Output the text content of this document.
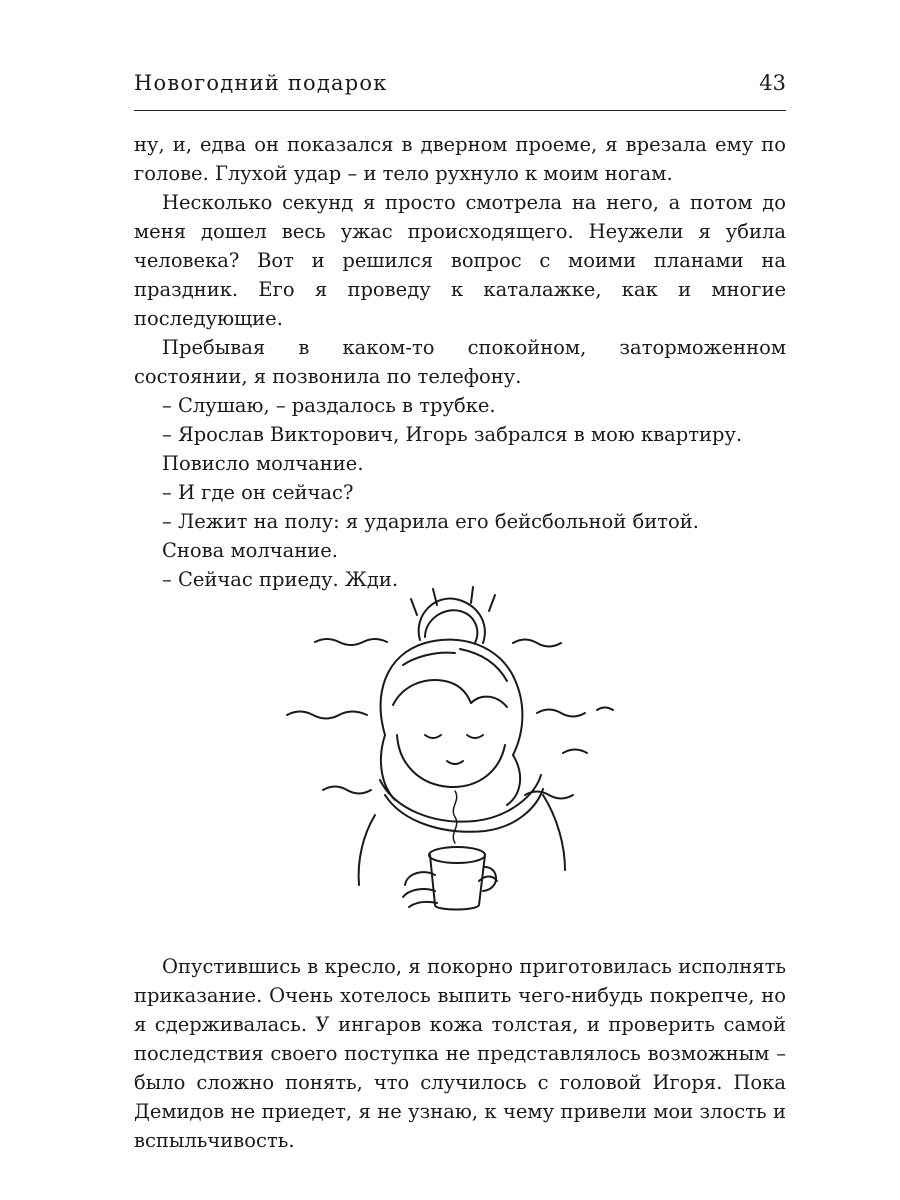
Новогодний подарок	43

ну, и, едва он показался в дверном проеме, я врезала ему по голове. Глухой удар – и тело рухнуло к моим ногам.

Несколько секунд я просто смотрела на него, а потом до меня дошел весь ужас происходящего. Неужели я убила человека? Вот и решился вопрос с моими планами на праздник. Его я проведу к каталажке, как и многие последующие.

Пребывая в каком-то спокойном, заторможенном состоянии, я позвонила по телефону.

– Слушаю, – раздалось в трубке.

– Ярослав Викторович, Игорь забрался в мою квартиру.

Повисло молчание.

– И где он сейчас?

– Лежит на полу: я ударила его бейсбольной битой.

Снова молчание.

– Сейчас приеду. Жди.

Опустившись в кресло, я покорно приготовилась исполнять приказание. Очень хотелось выпить чего-нибудь покрепче, но я сдерживалась. У ингаров кожа толстая, и проверить самой последствия своего поступка не представлялось возможным – было сложно понять, что случилось с головой Игоря. Пока Демидов не приедет, я не узнаю, к чему привели мои злость и вспыльчивость.
